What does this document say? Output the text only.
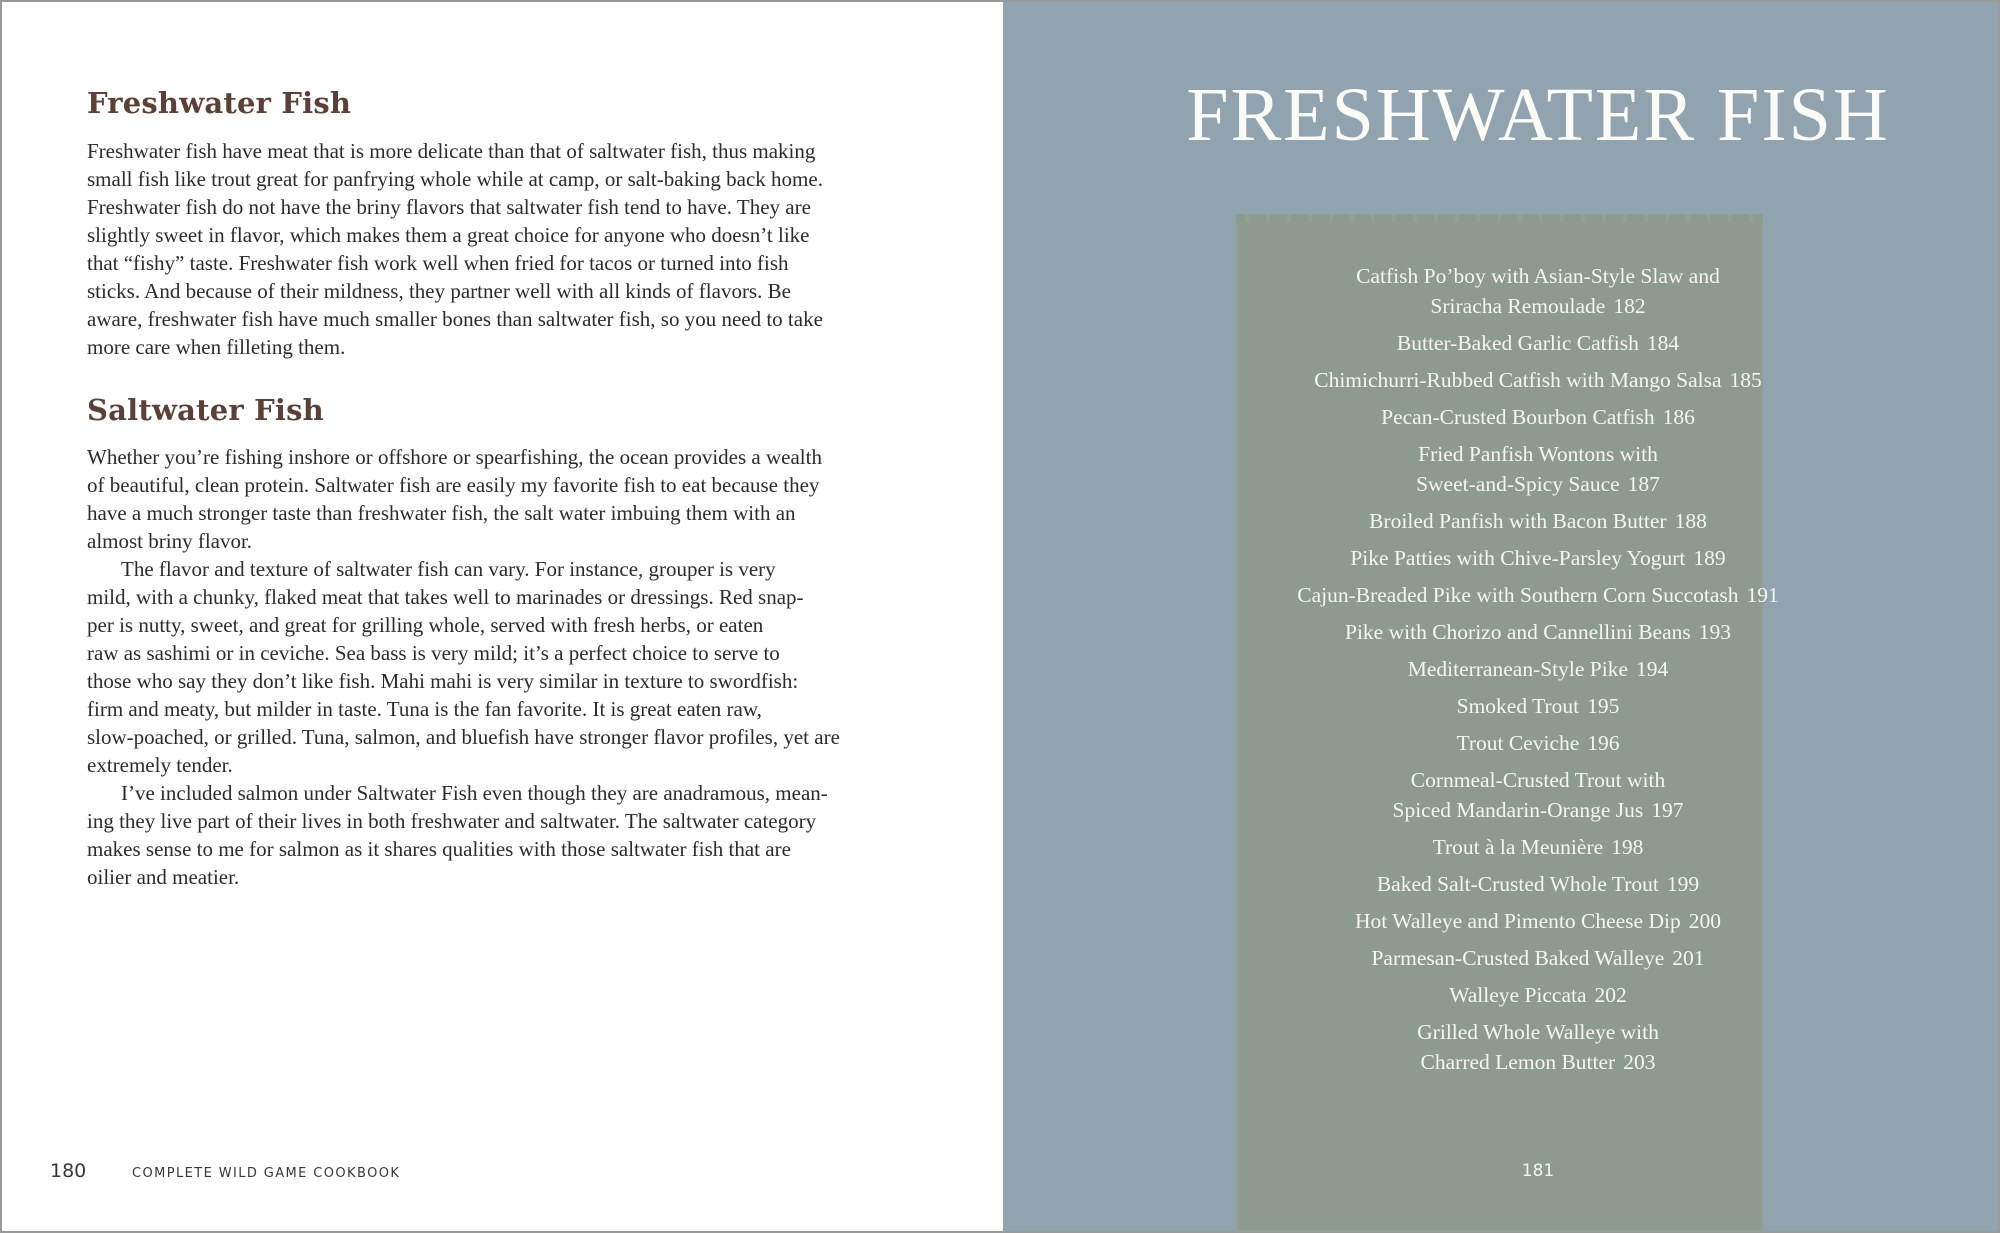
Freshwater Fish

Freshwater fish have meat that is more delicate than that of saltwater fish, thus making

small fish like trout great for panfrying whole while at camp, or salt-baking back home.

Freshwater fish do not have the briny flavors that saltwater fish tend to have. They are

slightly sweet in flavor, which makes them a great choice for anyone who doesn’t like

that “fishy” taste. Freshwater fish work well when fried for tacos or turned into fish

sticks. And because of their mildness, they partner well with all kinds of flavors. Be

aware, freshwater fish have much smaller bones than saltwater fish, so you need to take

more care when filleting them.

Saltwater Fish

Whether you’re fishing inshore or offshore or spearfishing, the ocean provides a wealth

of beautiful, clean protein. Saltwater fish are easily my favorite fish to eat because they

have a much stronger taste than freshwater fish, the salt water imbuing them with an

almost briny flavor.

The flavor and texture of saltwater fish can vary. For instance, grouper is very

mild, with a chunky, flaked meat that takes well to marinades or dressings. Red snap-

per is nutty, sweet, and great for grilling whole, served with fresh herbs, or eaten

raw as sashimi or in ceviche. Sea bass is very mild; it’s a perfect choice to serve to

those who say they don’t like fish. Mahi mahi is very similar in texture to swordfish:

firm and meaty, but milder in taste. Tuna is the fan favorite. It is great eaten raw,

slow-poached, or grilled. Tuna, salmon, and bluefish have stronger flavor profiles, yet are

extremely tender.

I’ve included salmon under Saltwater Fish even though they are anadramous, mean-

ing they live part of their lives in both freshwater and saltwater. The saltwater category

makes sense to me for salmon as it shares qualities with those saltwater fish that are

oilier and meatier.

180	COMPLETE WILD GAME COOKBOOK
FRESHWATER FISH
Catfish Po’boy with Asian-Style Slaw and
Sriracha Remoulade 182
Butter-Baked Garlic Catfish 184
Chimichurri-Rubbed Catfish with Mango Salsa 185
Pecan-Crusted Bourbon Catfish 186
Fried Panfish Wontons with
Sweet-and-Spicy Sauce 187
Broiled Panfish with Bacon Butter 188
Pike Patties with Chive-Parsley Yogurt 189
Cajun-Breaded Pike with Southern Corn Succotash 191
Pike with Chorizo and Cannellini Beans 193
Mediterranean-Style Pike 194
Smoked Trout 195
Trout Ceviche 196
Cornmeal-Crusted Trout with
Spiced Mandarin-Orange Jus 197
Trout à la Meunière 198
Baked Salt-Crusted Whole Trout 199
Hot Walleye and Pimento Cheese Dip 200
Parmesan-Crusted Baked Walleye 201
Walleye Piccata 202
Grilled Whole Walleye with
Charred Lemon Butter 203
181
